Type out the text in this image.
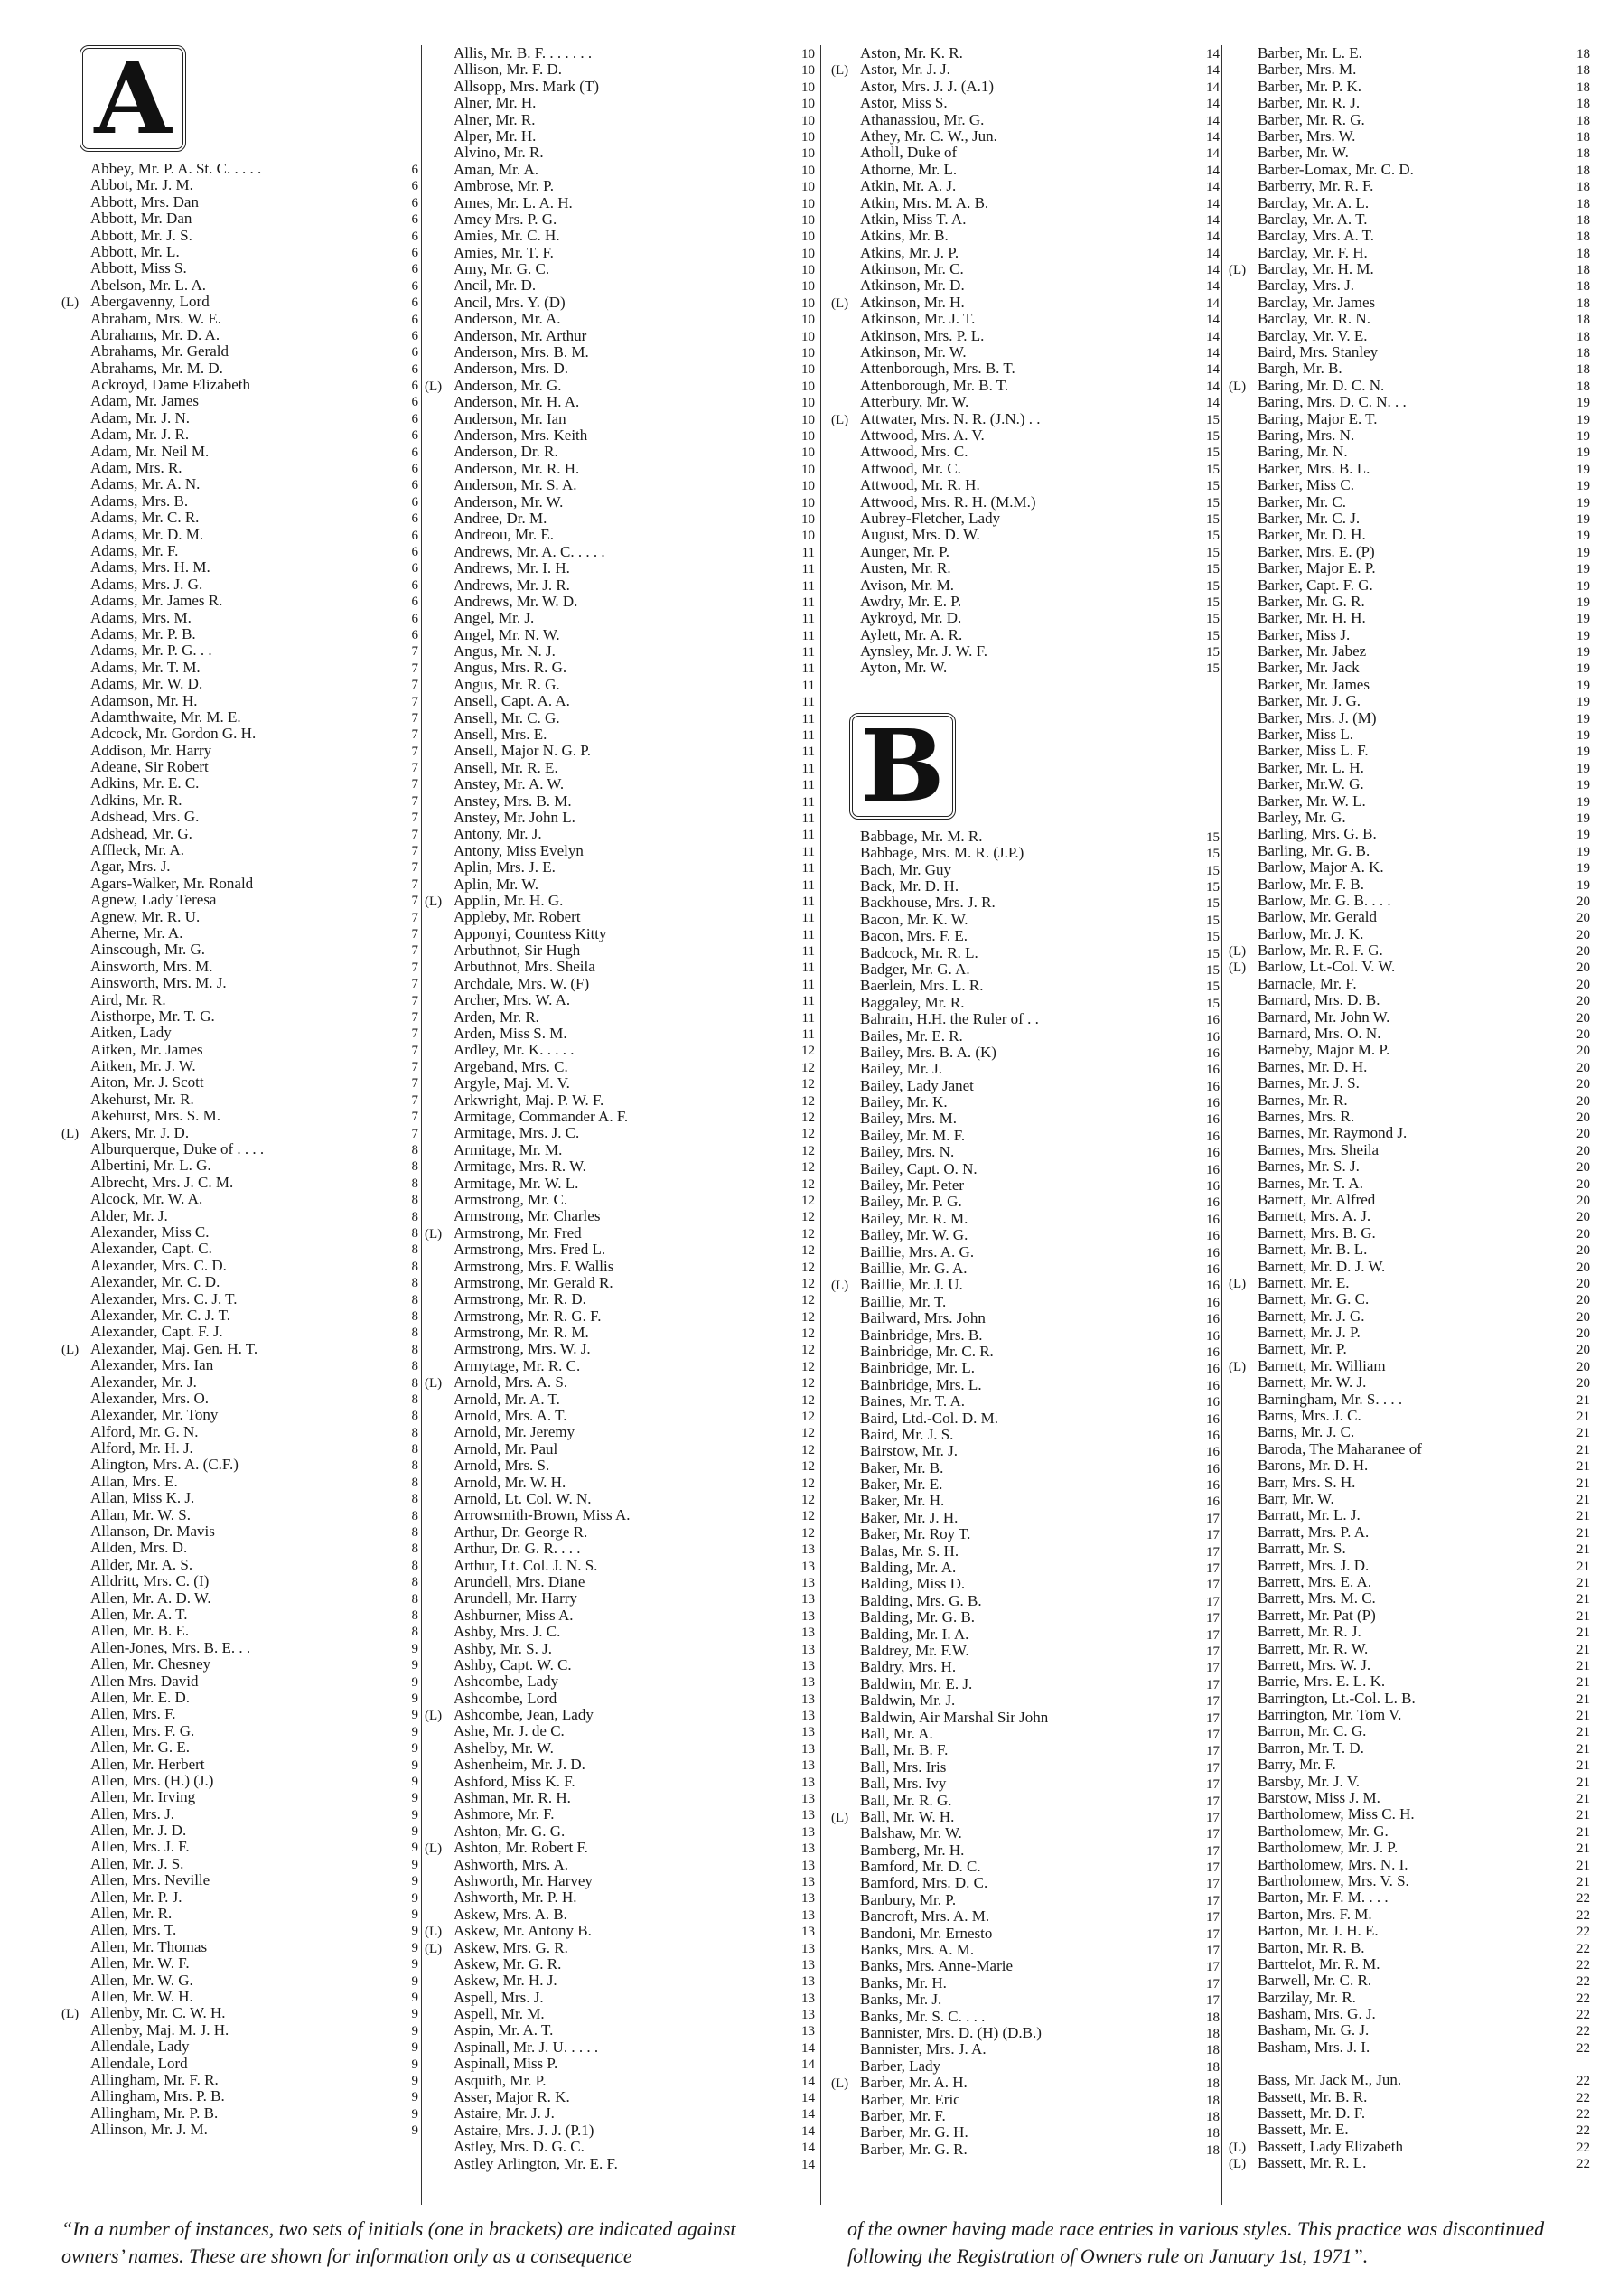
A
Abbey, Mr. P. A. St. C. . . . .	6
Abbot, Mr. J. M.	6
Abbott, Mrs. Dan	6
Abbott, Mr. Dan	6
Abbott, Mr. J. S.	6
Abbott, Mr. L.	6
Abbott, Miss S.	6
Abelson, Mr. L. A.	6
(L) Abergavenny, Lord	6
Abraham, Mrs. W. E.	6
Abrahams, Mr. D. A.	6
Abrahams, Mr. Gerald	6
Abrahams, Mr. M. D.	6
Ackroyd, Dame Elizabeth	6
Adam, Mr. James	6
Adam, Mr. J. N.	6
Adam, Mr. J. R.	6
Adam, Mr. Neil M.	6
Adam, Mrs. R.	6
Adams, Mr. A. N.	6
Adams, Mrs. B.	6
Adams, Mr. C. R.	6
Adams, Mr. D. M.	6
Adams, Mr. F.	6
Adams, Mrs. H. M.	6
Adams, Mrs. J. G.	6
Adams, Mr. James R.	6
Adams, Mrs. M.	6
Adams, Mr. P. B.	6
Adams, Mr. P. G. . .	7
Adams, Mr. T. M.	7
Adams, Mr. W. D.	7
Adamson, Mr. H.	7
Adamthwaite, Mr. M. E.	7
Adcock, Mr. Gordon G. H.	7
Addison, Mr. Harry	7
Adeane, Sir Robert	7
Adkins, Mr. E. C.	7
Adkins, Mr. R.	7
Adshead, Mrs. G.	7
Adshead, Mr. G.	7
Affleck, Mr. A.	7
Agar, Mrs. J.	7
Agars-Walker, Mr. Ronald	7
Agnew, Lady Teresa	7
Agnew, Mr. R. U.	7
Aherne, Mr. A.	7
Ainscough, Mr. G.	7
Ainsworth, Mrs. M.	7
Ainsworth, Mrs. M. J.	7
Aird, Mr. R.	7
Aisthorpe, Mr. T. G.	7
Aitken, Lady	7
Aitken, Mr. James	7
Aitken, Mr. J. W.	7
Aiton, Mr. J. Scott	7
Akehurst, Mr. R.	7
Akehurst, Mrs. S. M.	7
(L) Akers, Mr. J. D.	7
Alburquerque, Duke of . . . .	8
Albertini, Mr. L. G.	8
Albrecht, Mrs. J. C. M.	8
Alcock, Mr. W. A.	8
Alder, Mr. J.	8
Alexander, Miss C.	8
Alexander, Capt. C.	8
Alexander, Mrs. C. D.	8
Alexander, Mr. C. D.	8
Alexander, Mrs. C. J. T.	8
Alexander, Mr. C. J. T.	8
Alexander, Capt. F. J.	8
(L) Alexander, Maj. Gen. H. T.	8
Alexander, Mrs. Ian	8
Alexander, Mr. J.	8
Alexander, Mrs. O.	8
Alexander, Mr. Tony	8
Alford, Mr. G. N.	8
Alford, Mr. H. J.	8
Alington, Mrs. A. (C.F.)	8
Allan, Mrs. E.	8
Allan, Miss K. J.	8
Allan, Mr. W. S.	8
Allanson, Dr. Mavis	8
Allden, Mrs. D.	8
Allder, Mr. A. S.	8
Alldritt, Mrs. C. (I)	8
Allen, Mr. A. D. W.	8
Allen, Mr. A. T.	8
Allen, Mr. B. E.	8
Allen-Jones, Mrs. B. E. . .	9
Allen, Mr. Chesney	9
Allen Mrs. David	9
Allen, Mr. E. D.	9
Allen, Mrs. F.	9
Allen, Mrs. F. G.	9
Allen, Mr. G. E.	9
Allen, Mr. Herbert	9
Allen, Mrs. (H.) (J.)	9
Allen, Mr. Irving	9
Allen, Mrs. J.	9
Allen, Mr. J. D.	9
Allen, Mrs. J. F.	9
Allen, Mr. J. S.	9
Allen, Mrs. Neville	9
Allen, Mr. P. J.	9
Allen, Mr. R.	9
Allen, Mrs. T.	9
Allen, Mr. Thomas	9
Allen, Mr. W. F.	9
Allen, Mr. W. G.	9
Allen, Mr. W. H.	9
(L) Allenby, Mr. C. W. H.	9
Allenby, Maj. M. J. H.	9
Allendale, Lady	9
Allendale, Lord	9
Allingham, Mr. F. R.	9
Allingham, Mrs. P. B.	9
Allingham, Mr. P. B.	9
Allinson, Mr. J. M.	9
Allis, Mr. B. F. . . . . . .	10
Allison, Mr. F. D.	10
Allsopp, Mrs. Mark (T)	10
Alner, Mr. H.	10
Alner, Mr. R.	10
Alper, Mr. H.	10
Alvino, Mr. R.	10
Aman, Mr. A.	10
Ambrose, Mr. P.	10
Ames, Mr. L. A. H.	10
Amey Mrs. P. G.	10
Amies, Mr. C. H.	10
Amies, Mr. T. F.	10
Amy, Mr. G. C.	10
Ancil, Mr. D.	10
Ancil, Mrs. Y. (D)	10
Anderson, Mr. A.	10
Anderson, Mr. Arthur	10
Anderson, Mrs. B. M.	10
Anderson, Mrs. D.	10
(L) Anderson, Mr. G.	10
Anderson, Mr. H. A.	10
Anderson, Mr. Ian	10
Anderson, Mrs. Keith	10
Anderson, Dr. R.	10
Anderson, Mr. R. H.	10
Anderson, Mr. S. A.	10
Anderson, Mr. W.	10
Andree, Dr. M.	10
Andreou, Mr. E.	10
Andrews, Mr. A. C. . . . .	11
Andrews, Mr. I. H.	11
Andrews, Mr. J. R.	11
Andrews, Mr. W. D.	11
Angel, Mr. J.	11
Angel, Mr. N. W.	11
Angus, Mr. N. J.	11
Angus, Mrs. R. G.	11
Angus, Mr. R. G.	11
Ansell, Capt. A. A.	11
Ansell, Mr. C. G.	11
Ansell, Mrs. E.	11
Ansell, Major N. G. P.	11
Ansell, Mr. R. E.	11
Anstey, Mr. A. W.	11
Anstey, Mrs. B. M.	11
Anstey, Mr. John L.	11
Antony, Mr. J.	11
Antony, Miss Evelyn	11
Aplin, Mrs. J. E.	11
Aplin, Mr. W.	11
(L) Applin, Mr. H. G.	11
Appleby, Mr. Robert	11
Apponyi, Countess Kitty	11
Arbuthnot, Sir Hugh	11
Arbuthnot, Mrs. Sheila	11
Archdale, Mrs. W. (F)	11
Archer, Mrs. W. A.	11
Arden, Mr. R.	11
Arden, Miss S. M.	11
Ardley, Mr. K. . . . .	12
Argeband, Mrs. C.	12
Argyle, Maj. M. V.	12
Arkwright, Maj. P. W. F.	12
Armitage, Commander A. F.	12
Armitage, Mrs. J. C.	12
Armitage, Mr. M.	12
Armitage, Mrs. R. W.	12
Armitage, Mr. W. L.	12
Armstrong, Mr. C.	12
Armstrong, Mr. Charles	12
(L) Armstrong, Mr. Fred	12
Armstrong, Mrs. Fred L.	12
Armstrong, Mrs. F. Wallis	12
Armstrong, Mr. Gerald R.	12
Armstrong, Mr. R. D.	12
Armstrong, Mr. R. G. F.	12
Armstrong, Mr. R. M.	12
Armstrong, Mrs. W. J.	12
Armytage, Mr. R. C.	12
(L) Arnold, Mrs. A. S.	12
Arnold, Mr. A. T.	12
Arnold, Mrs. A. T.	12
Arnold, Mr. Jeremy	12
Arnold, Mr. Paul	12
Arnold, Mrs. S.	12
Arnold, Mr. W. H.	12
Arnold, Lt. Col. W. N.	12
Arrowsmith-Brown, Miss A.	12
Arthur, Dr. George R.	12
Arthur, Dr. G. R. . . .	13
Arthur, Lt. Col. J. N. S.	13
Arundell, Mrs. Diane	13
Arundell, Mr. Harry	13
Ashburner, Miss A.	13
Ashby, Mrs. J. C.	13
Ashby, Mr. S. J.	13
Ashby, Capt. W. C.	13
Ashcombe, Lady	13
Ashcombe, Lord	13
(L) Ashcombe, Jean, Lady	13
Ashe, Mr. J. de C.	13
Ashelby, Mr. W.	13
Ashenheim, Mr. J. D.	13
Ashford, Miss K. F.	13
Ashman, Mr. R. H.	13
Ashmore, Mr. F.	13
Ashton, Mr. G. G.	13
(L) Ashton, Mr. Robert F.	13
Ashworth, Mrs. A.	13
Ashworth, Mr. Harvey	13
Ashworth, Mr. P. H.	13
Askew, Mrs. A. B.	13
(L) Askew, Mr. Antony B.	13
(L) Askew, Mrs. G. R.	13
Askew, Mr. G. R.	13
Askew, Mr. H. J.	13
Aspell, Mrs. J.	13
Aspell, Mr. M.	13
Aspin, Mr. A. T.	13
Aspinall, Mr. J. U. . . . .	14
Aspinall, Miss P.	14
Asquith, Mr. P.	14
Asser, Major R. K.	14
Astaire, Mr. J. J.	14
Astaire, Mrs. J. J. (P.1)	14
Astley, Mrs. D. G. C.	14
Astley Arlington, Mr. E. F.	14
Aston, Mr. K. R.	14
(L) Astor, Mr. J. J.	14
Astor, Mrs. J. J. (A.1)	14
Astor, Miss S.	14
Athanassiou, Mr. G.	14
Athey, Mr. C. W., Jun.	14
Atholl, Duke of	14
Athorne, Mr. L.	14
Atkin, Mr. A. J.	14
Atkin, Mrs. M. A. B.	14
Atkin, Miss T. A.	14
Atkins, Mr. B.	14
Atkins, Mr. J. P.	14
Atkinson, Mr. C.	14
Atkinson, Mr. D.	14
(L) Atkinson, Mr. H.	14
Atkinson, Mr. J. T.	14
Atkinson, Mrs. P. L.	14
Atkinson, Mr. W.	14
Attenborough, Mrs. B. T.	14
Attenborough, Mr. B. T.	14
Atterbury, Mr. W.	14
(L) Attwater, Mrs. N. R. (J.N.) . .	15
Attwood, Mrs. A. V.	15
Attwood, Mrs. C.	15
Attwood, Mr. C.	15
Attwood, Mr. R. H.	15
Attwood, Mrs. R. H. (M.M.)	15
Aubrey-Fletcher, Lady	15
August, Mrs. D. W.	15
Aunger, Mr. P.	15
Austen, Mr. R.	15
Avison, Mr. M.	15
Awdry, Mr. E. P.	15
Aykroyd, Mr. D.	15
Aylett, Mr. A. R.	15
Aynsley, Mr. J. W. F.	15
Ayton, Mr. W.	15
B
Babbage, Mr. M. R.	15
Babbage, Mrs. M. R. (J.P.)	15
Bach, Mr. Guy	15
Back, Mr. D. H.	15
Backhouse, Mrs. J. R.	15
Bacon, Mr. K. W.	15
Bacon, Mrs. F. E.	15
Badcock, Mr. R. L.	15
Badger, Mr. G. A.	15
Baerlein, Mrs. L. R.	15
Baggaley, Mr. R.	15
Bahrain, H.H. the Ruler of . .	16
Bailes, Mr. E. R.	16
Bailey, Mrs. B. A. (K)	16
Bailey, Mr. J.	16
Bailey, Lady Janet	16
Bailey, Mr. K.	16
Bailey, Mrs. M.	16
Bailey, Mr. M. F.	16
Bailey, Mrs. N.	16
Bailey, Capt. O. N.	16
Bailey, Mr. Peter	16
Bailey, Mr. P. G.	16
Bailey, Mr. R. M.	16
Bailey, Mr. W. G.	16
Baillie, Mrs. A. G.	16
Baillie, Mr. G. A.	16
(L) Baillie, Mr. J. U.	16
Baillie, Mr. T.	16
Bailward, Mrs. John	16
Bainbridge, Mrs. B.	16
Bainbridge, Mr. C. R.	16
Bainbridge, Mr. L.	16
Bainbridge, Mrs. L.	16
Baines, Mr. T. A.	16
Baird, Ltd.-Col. D. M.	16
Baird, Mr. J. S.	16
Bairstow, Mr. J.	16
Baker, Mr. B.	16
Baker, Mr. E.	16
Baker, Mr. H.	16
Baker, Mr. J. H.	17
Baker, Mr. Roy T.	17
Balas, Mr. S. H.	17
Balding, Mr. A.	17
Balding, Miss D.	17
Balding, Mrs. G. B.	17
Balding, Mr. G. B.	17
Balding, Mr. I. A.	17
Baldrey, Mr. F.W.	17
Baldry, Mrs. H.	17
Baldwin, Mr. E. J.	17
Baldwin, Mr. J.	17
Baldwin, Air Marshal Sir John	17
Ball, Mr. A.	17
Ball, Mr. B. F.	17
Ball, Mrs. Iris	17
Ball, Mrs. Ivy	17
Ball, Mr. R. G.	17
(L) Ball, Mr. W. H.	17
Balshaw, Mr. W.	17
Bamberg, Mr. H.	17
Bamford, Mr. D. C.	17
Bamford, Mrs. D. C.	17
Banbury, Mr. P.	17
Bancroft, Mrs. A. M.	17
Bandoni, Mr. Ernesto	17
Banks, Mrs. A. M.	17
Banks, Mrs. Anne-Marie	17
Banks, Mr. H.	17
Banks, Mr. J.	17
Banks, Mr. S. C. . . .	18
Bannister, Mrs. D. (H) (D.B.)	18
Bannister, Mrs. J. A.	18
Barber, Lady	18
(L) Barber, Mr. A. H.	18
Barber, Mr. Eric	18
Barber, Mr. F.	18
Barber, Mr. G. H.	18
Barber, Mr. G. R.	18
Barber, Mr. L. E.	18
Barber, Mrs. M.	18
Barber, Mr. P. K.	18
Barber, Mr. R. J.	18
Barber, Mr. R. G.	18
Barber, Mrs. W.	18
Barber, Mr. W.	18
Barber-Lomax, Mr. C. D.	18
Barberry, Mr. R. F.	18
Barclay, Mr. A. L.	18
Barclay, Mr. A. T.	18
Barclay, Mrs. A. T.	18
Barclay, Mr. F. H.	18
(L) Barclay, Mr. H. M.	18
Barclay, Mrs. J.	18
Barclay, Mr. James	18
Barclay, Mr. R. N.	18
Barclay, Mr. V. E.	18
Baird, Mrs. Stanley	18
Bargh, Mr. B.	18
(L) Baring, Mr. D. C. N.	18
Baring, Mrs. D. C. N. . .	19
Baring, Major E. T.	19
Baring, Mrs. N.	19
Baring, Mr. N.	19
Barker, Mrs. B. L.	19
Barker, Miss C.	19
Barker, Mr. C.	19
Barker, Mr. C. J.	19
Barker, Mr. D. H.	19
Barker, Mrs. E. (P)	19
Barker, Major E. P.	19
Barker, Capt. F. G.	19
Barker, Mr. G. R.	19
Barker, Mr. H. H.	19
Barker, Miss J.	19
Barker, Mr. Jabez	19
Barker, Mr. Jack	19
Barker, Mr. James	19
Barker, Mr. J. G.	19
Barker, Mrs. J. (M)	19
Barker, Miss L.	19
Barker, Miss L. F.	19
Barker, Mr. L. H.	19
Barker, Mr.W. G.	19
Barker, Mr. W. L.	19
Barley, Mr. G.	19
Barling, Mrs. G. B.	19
Barling, Mr. G. B.	19
Barlow, Major A. K.	19
Barlow, Mr. F. B.	19
Barlow, Mr. G. B. . . .	20
Barlow, Mr. Gerald	20
Barlow, Mr. J. K.	20
(L) Barlow, Mr. R. F. G.	20
(L) Barlow, Lt.-Col. V. W.	20
Barnacle, Mr. F.	20
Barnard, Mrs. D. B.	20
Barnard, Mr. John W.	20
Barnard, Mrs. O. N.	20
Barneby, Major M. P.	20
Barnes, Mr. D. H.	20
Barnes, Mr. J. S.	20
Barnes, Mr. R.	20
Barnes, Mrs. R.	20
Barnes, Mr. Raymond J.	20
Barnes, Mrs. Sheila	20
Barnes, Mr. S. J.	20
Barnes, Mr. T. A.	20
Barnett, Mr. Alfred	20
Barnett, Mrs. A. J.	20
Barnett, Mrs. B. G.	20
Barnett, Mr. B. L.	20
Barnett, Mr. D. J. W.	20
(L) Barnett, Mr. E.	20
Barnett, Mr. G. C.	20
Barnett, Mr. J. G.	20
Barnett, Mr. J. P.	20
Barnett, Mr. P.	20
(L) Barnett, Mr. William	20
Barnett, Mr. W. J.	20
Barningham, Mr. S. . . .	21
Barns, Mrs. J. C.	21
Barns, Mr. J. C.	21
Baroda, The Maharanee of	21
Barons, Mr. D. H.	21
Barr, Mrs. S. H.	21
Barr, Mr. W.	21
Barratt, Mr. L. J.	21
Barratt, Mrs. P. A.	21
Barratt, Mr. S.	21
Barrett, Mrs. J. D.	21
Barrett, Mrs. E. A.	21
Barrett, Mrs. M. C.	21
Barrett, Mr. Pat (P)	21
Barrett, Mr. R. J.	21
Barrett, Mr. R. W.	21
Barrett, Mrs. W. J.	21
Barrie, Mrs. E. L. K.	21
Barrington, Lt.-Col. L. B.	21
Barrington, Mr. Tom V.	21
Barron, Mr. C. G.	21
Barron, Mr. T. D.	21
Barry, Mr. F.	21
Barsby, Mr. J. V.	21
Barstow, Miss J. M.	21
Bartholomew, Miss C. H.	21
Bartholomew, Mr. G.	21
Bartholomew, Mr. J. P.	21
Bartholomew, Mrs. N. I.	21
Bartholomew, Mrs. V. S.	21
Barton, Mr. F. M. . . .	22
Barton, Mrs. F. M.	22
Barton, Mr. J. H. E.	22
Barton, Mr. R. B.	22
Barttelot, Mr. R. M.	22
Barwell, Mr. C. R.	22
Barzilay, Mr. R.	22
Basham, Mrs. G. J.	22
Basham, Mr. G. J.	22
Basham, Mrs. J. I.	22
Bass, Mr. Jack M., Jun.	22
Bassett, Mr. B. R.	22
Bassett, Mr. D. F.	22
Bassett, Mr. E.	22
(L) Bassett, Lady Elizabeth	22
(L) Bassett, Mr. R. L.	22
“In a number of instances, two sets of initials (one in brackets) are indicated against owners’ names. These are shown for information only as a consequence
of the owner having made race entries in various styles. This practice was discontinued following the Registration of Owners rule on January 1st, 1971”.
